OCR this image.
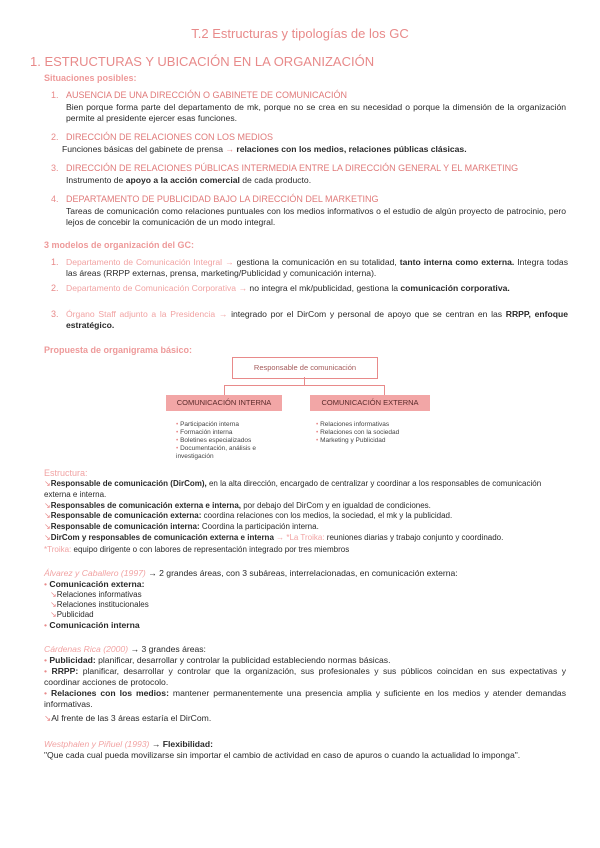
T.2 Estructuras y tipologías de los GC
1. ESTRUCTURAS Y UBICACIÓN EN LA ORGANIZACIÓN
Situaciones posibles:
1. AUSENCIA DE UNA DIRECCIÓN O GABINETE DE COMUNICACIÓN
Bien porque forma parte del departamento de mk, porque no se crea en su necesidad o porque la dimensión de la organización permite al presidente ejercer esas funciones.
2. DIRECCIÓN DE RELACIONES CON LOS MEDIOS
Funciones básicas del gabinete de prensa → relaciones con los medios, relaciones públicas clásicas.
3. DIRECCIÓN DE RELACIONES PÚBLICAS INTERMEDIA ENTRE LA DIRECCIÓN GENERAL Y EL MARKETING
Instrumento de apoyo a la acción comercial de cada producto.
4. DEPARTAMENTO DE PUBLICIDAD BAJO LA DIRECCIÓN DEL MARKETING
Tareas de comunicación como relaciones puntuales con los medios informativos o el estudio de algún proyecto de patrocinio, pero lejos de concebir la comunicación de un modo integral.
3 modelos de organización del GC:
1. Departamento de Comunicación Integral → gestiona la comunicación en su totalidad, tanto interna como externa. Integra todas las áreas (RRPP externas, prensa, marketing/Publicidad y comunicación interna).
2. Departamento de Comunicación Corporativa → no integra el mk/publicidad, gestiona la comunicación corporativa.
3. Órgano Staff adjunto a la Presidencia → integrado por el DirCom y personal de apoyo que se centran en las RRPP, enfoque estratégico.
Propuesta de organigrama básico:
Responsable de comunicación
COMUNICACIÓN INTERNA	COMUNICACIÓN EXTERNA
• Participación interna
• Formación interna
• Boletines especializados
• Documentación, análisis e investigación
• Relaciones informativas
• Relaciones con la sociedad
• Marketing y Publicidad
Estructura:
↘Responsable de comunicación (DirCom), en la alta dirección, encargado de centralizar y coordinar a los responsables de comunicación externa e interna.
↘Responsables de comunicación externa e interna, por debajo del DirCom y en igualdad de condiciones.
↘Responsable de comunicación externa: coordina relaciones con los medios, la sociedad, el mk y la publicidad.
↘Responsable de comunicación interna: Coordina la participación interna.
↘DirCom y responsables de comunicación externa e interna → *La Troika: reuniones diarias y trabajo conjunto y coordinado.
*Troika: equipo dirigente o con labores de representación integrado por tres miembros
Álvarez y Caballero (1997) → 2 grandes áreas, con 3 subáreas, interrelacionadas, en comunicación externa:
• Comunicación externa:
↘Relaciones informativas
↘Relaciones institucionales
↘Publicidad
• Comunicación interna
Cárdenas Rica (2000) → 3 grandes áreas:
• Publicidad: planificar, desarrollar y controlar la publicidad estableciendo normas básicas.
• RRPP: planificar, desarrollar y controlar que la organización, sus profesionales y sus públicos coincidan en sus expectativas y coordinar acciones de protocolo.
• Relaciones con los medios: mantener permanentemente una presencia amplia y suficiente en los medios y atender demandas informativas.
↘Al frente de las 3 áreas estaría el DirCom.
Westphalen y Piñuel (1993) → Flexibilidad:
"Que cada cual pueda movilizarse sin importar el cambio de actividad en caso de apuros o cuando la actualidad lo imponga".
